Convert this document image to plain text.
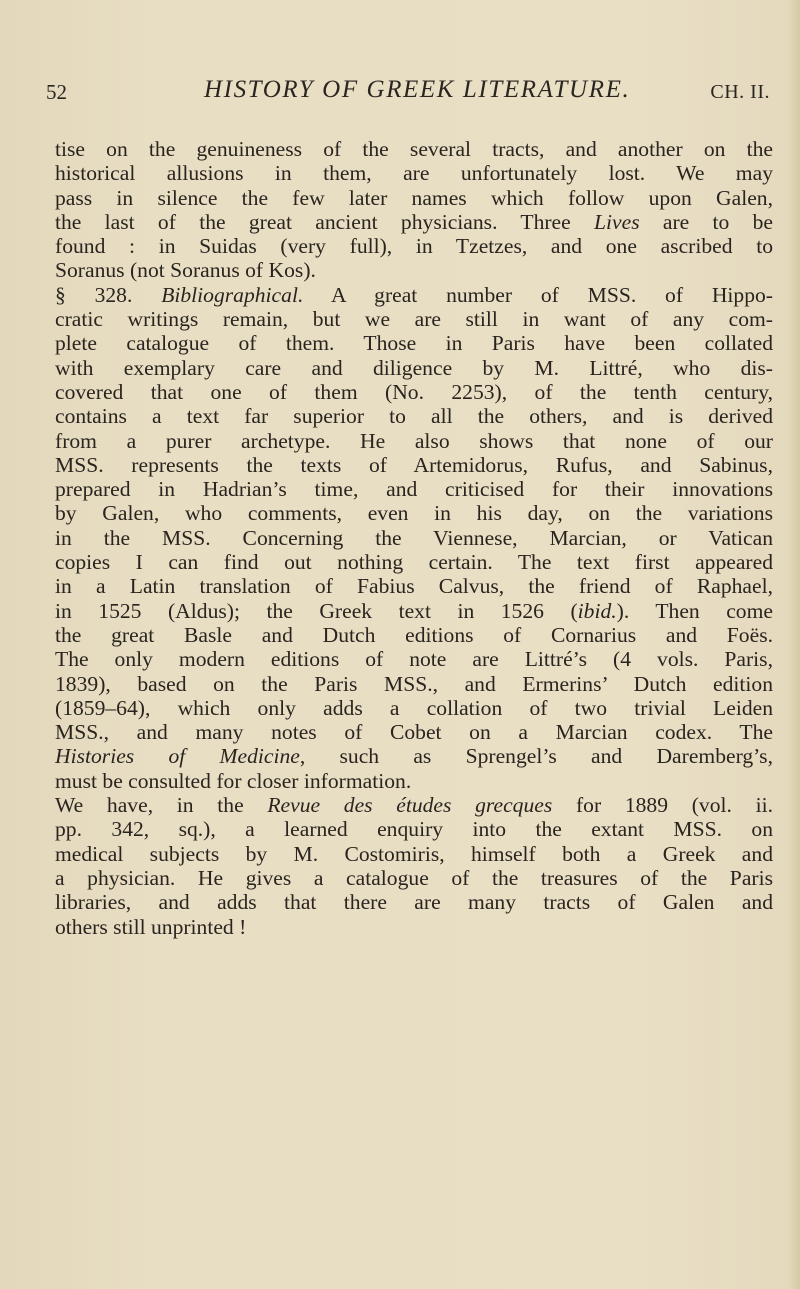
52	HISTORY OF GREEK LITERATURE.	CH. II.
tise on the genuineness of the several tracts, and another on the
historical allusions in them, are unfortunately lost. We may
pass in silence the few later names which follow upon Galen,
the last of the great ancient physicians. Three Lives are to be
found : in Suidas (very full), in Tzetzes, and one ascribed to
Soranus (not Soranus of Kos).
§ 328. Bibliographical. A great number of MSS. of Hippo-
cratic writings remain, but we are still in want of any com-
plete catalogue of them. Those in Paris have been collated
with exemplary care and diligence by M. Littré, who dis-
covered that one of them (No. 2253), of the tenth century,
contains a text far superior to all the others, and is derived
from a purer archetype. He also shows that none of our
MSS. represents the texts of Artemidorus, Rufus, and Sabinus,
prepared in Hadrian’s time, and criticised for their innovations
by Galen, who comments, even in his day, on the variations
in the MSS. Concerning the Viennese, Marcian, or Vatican
copies I can find out nothing certain. The text first appeared
in a Latin translation of Fabius Calvus, the friend of Raphael,
in 1525 (Aldus); the Greek text in 1526 (ibid.). Then come
the great Basle and Dutch editions of Cornarius and Foës.
The only modern editions of note are Littré’s (4 vols. Paris,
1839), based on the Paris MSS., and Ermerins’ Dutch edition
(1859–64), which only adds a collation of two trivial Leiden
MSS., and many notes of Cobet on a Marcian codex. The
Histories of Medicine, such as Sprengel’s and Daremberg’s,
must be consulted for closer information.
We have, in the Revue des études grecques for 1889 (vol. ii.
pp. 342, sq.), a learned enquiry into the extant MSS. on
medical subjects by M. Costomiris, himself both a Greek and
a physician. He gives a catalogue of the treasures of the Paris
libraries, and adds that there are many tracts of Galen and
others still unprinted !
